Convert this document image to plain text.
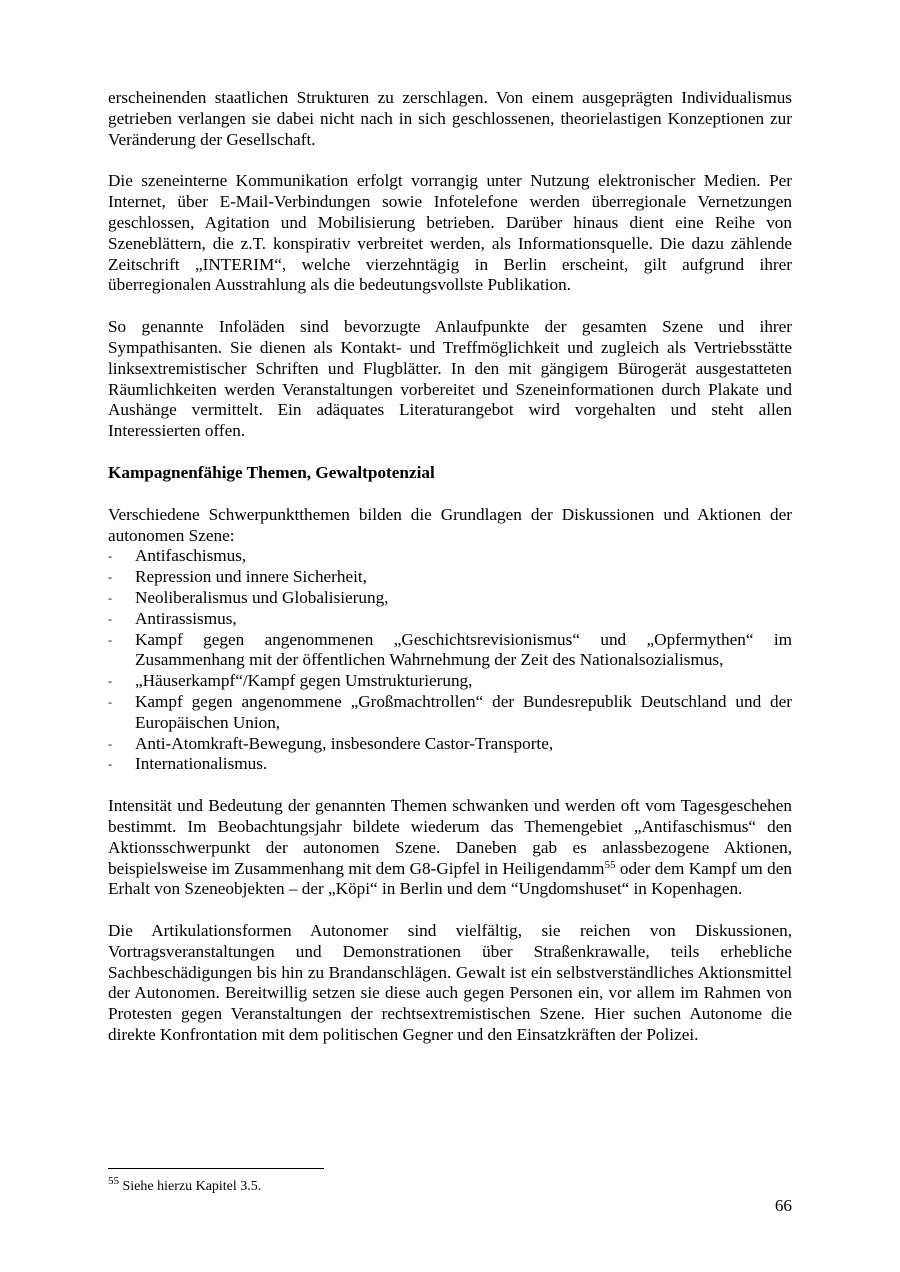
erscheinenden staatlichen Strukturen zu zerschlagen. Von einem ausgeprägten Individualismus getrieben verlangen sie dabei nicht nach in sich geschlossenen, theorielastigen Konzeptionen zur Veränderung der Gesellschaft.

Die szeneinterne Kommunikation erfolgt vorrangig unter Nutzung elektronischer Medien. Per Internet, über E-Mail-Verbindungen sowie Infotelefone werden überregionale Vernetzungen geschlossen, Agitation und Mobilisierung betrieben. Darüber hinaus dient eine Reihe von Szeneblättern, die z.T. konspirativ verbreitet werden, als Informationsquelle. Die dazu zählende Zeitschrift „INTERIM“, welche vierzehntägig in Berlin erscheint, gilt aufgrund ihrer überregionalen Ausstrahlung als die bedeutungsvollste Publikation.

So genannte Infoläden sind bevorzugte Anlaufpunkte der gesamten Szene und ihrer Sympathisanten. Sie dienen als Kontakt- und Treffmöglichkeit und zugleich als Vertriebsstätte linksextremistischer Schriften und Flugblätter. In den mit gängigem Bürogerät ausgestatteten Räumlichkeiten werden Veranstaltungen vorbereitet und Szeneinformationen durch Plakate und Aushänge vermittelt. Ein adäquates Literaturangebot wird vorgehalten und steht allen Interessierten offen.

Kampagnenfähige Themen, Gewaltpotenzial

Verschiedene Schwerpunktthemen bilden die Grundlagen der Diskussionen und Aktionen der autonomen Szene:

- Antifaschismus,
- Repression und innere Sicherheit,
- Neoliberalismus und Globalisierung,
- Antirassismus,
- Kampf gegen angenommenen „Geschichtsrevisionismus“ und „Opfermythen“ im Zusammenhang mit der öffentlichen Wahrnehmung der Zeit des Nationalsozialismus,
- „Häuserkampf“/Kampf gegen Umstrukturierung,
- Kampf gegen angenommene „Großmachtrollen“ der Bundesrepublik Deutschland und der Europäischen Union,
- Anti-Atomkraft-Bewegung, insbesondere Castor-Transporte,
- Internationalismus.

Intensität und Bedeutung der genannten Themen schwanken und werden oft vom Tagesgeschehen bestimmt. Im Beobachtungsjahr bildete wiederum das Themengebiet „Antifaschismus“ den Aktionsschwerpunkt der autonomen Szene. Daneben gab es anlassbezogene Aktionen, beispielsweise im Zusammenhang mit dem G8-Gipfel in Heiligendamm$^{55}$ oder dem Kampf um den Erhalt von Szeneobjekten – der „Köpi“ in Berlin und dem “Ungdomshuset“ in Kopenhagen.

Die Artikulationsformen Autonomer sind vielfältig, sie reichen von Diskussionen, Vortragsveranstaltungen und Demonstrationen über Straßenkrawalle, teils erhebliche Sachbeschädigungen bis hin zu Brandanschlägen. Gewalt ist ein selbstverständliches Aktionsmittel der Autonomen. Bereitwillig setzen sie diese auch gegen Personen ein, vor allem im Rahmen von Protesten gegen Veranstaltungen der rechtsextremistischen Szene. Hier suchen Autonome die direkte Konfrontation mit dem politischen Gegner und den Einsatzkräften der Polizei.

$^{55}$ Siehe hierzu Kapitel 3.5.
66
